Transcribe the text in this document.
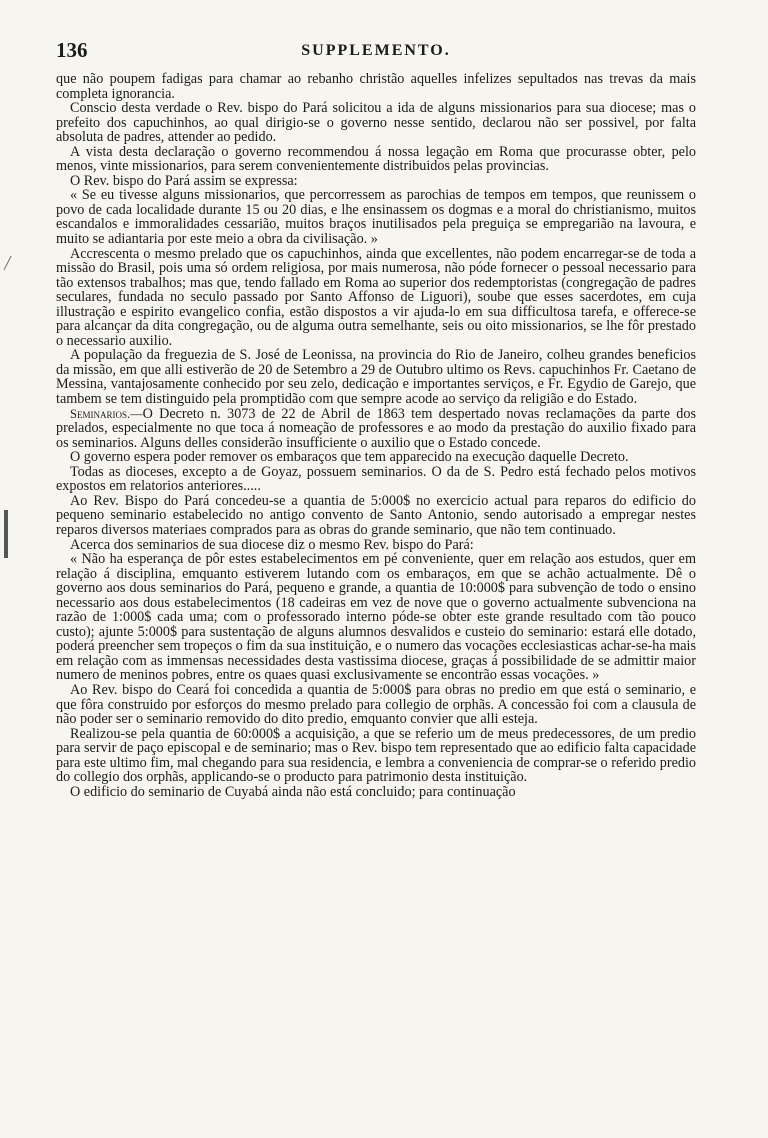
136	SUPPLEMENTO.

que não poupem fadigas para chamar ao rebanho christão aquelles infelizes sepultados nas trevas da mais completa ignorancia.

Consciо desta verdade o Rev. bispo do Pará solicitou a ida de alguns missionarios para sua diocese; mas o prefeito dos capuchinhos, ao qual dirigio-se o governo nesse sentido, declarou não ser possivel, por falta absoluta de padres, attender ao pedido.

A vista desta declaração o governo recommendou á nossa legação em Roma que procurasse obter, pelo menos, vinte missionarios, para serem convenientemente distribuidos pelas provincias.

O Rev. bispo do Pará assim se expressa:

« Se eu tivesse alguns missionarios, que percorressem as parochias de tempos em tempos, que reunissem o povo de cada localidade durante 15 ou 20 dias, e lhe ensinassem os dogmas e a moral do christianismo, muitos escandalos e immoralidades cessarião, muitos braços inutilisados pela preguiça se empregarião na lavoura, e muito se adiantaria por este meio a obra da civilisação. »

Accrescenta o mesmo prelado que os capuchinhos, ainda que excellentes, não podem encarregar-se de toda a missão do Brasil, pois uma só ordem religiosa, por mais numerosa, não póde fornecer o pessoal necessario para tão extensos trabalhos; mas que, tendo fallado em Roma ao superior dos redemptoristas (congregação de padres seculares, fundada no seculo passado por Santo Affonso de Liguori), soube que esses sacerdotes, em cuja illustração e espirito evangelico confia, estão dispostos a vir ajuda-lo em sua difficultosa tarefa, e offerece-se para alcançar da dita congregação, ou de alguma outra semelhante, seis ou oito missionarios, se lhe fôr prestado o necessario auxilio.

A população da freguezia de S. José de Leonissa, na provincia do Rio de Janeiro, colheu grandes beneficios da missão, em que alli estiverão de 20 de Setembro a 29 de Outubro ultimo os Revs. capuchinhos Fr. Caetano de Messina, vantajosamente conhecido por seu zelo, dedicação e importantes serviços, e Fr. Egydio de Garejo, que tambem se tem distinguido pela promptidão com que sempre acode ao serviço da religião e do Estado.

Seminarios.—O Decreto n. 3073 de 22 de Abril de 1863 tem despertado novas reclamações da parte dos prelados, especialmente no que toca á nomeação de professores e ao modo da prestação do auxilio fixado para os seminarios. Alguns delles considerão insufficiente o auxilio que o Estado concede.

O governo espera poder remover os embaraços que tem apparecido na execução daquelle Decreto.

Todas as dioceses, excepto a de Goyaz, possuem seminarios. O da de S. Pedro está fechado pelos motivos expostos em relatorios anteriores.....

Ao Rev. Bispo do Pará concedeu-se a quantia de 5:000$ no exercicio actual para reparos do edificio do pequeno seminario estabelecido no antigo convento de Santo Antonio, sendo autorisado a empregar nestes reparos diversos materiaes comprados para as obras do grande seminario, que não tem continuado.

Acerca dos seminarios de sua diocese diz o mesmo Rev. bispo do Pará:

« Não ha esperança de pôr estes estabelecimentos em pé conveniente, quer em relação aos estudos, quer em relação á disciplina, emquanto estiverem lutando com os embaraços, em que se achão actualmente. Dê o governo aos dous seminarios do Pará, pequeno e grande, a quantia de 10:000$ para subvenção de todo o ensino necessario aos dous estabelecimentos (18 cadeiras em vez de nove que o governo actualmente subvenciona na razão de 1:000$ cada uma; com o professorado interno póde-se obter este grande resultado com tão pouco custo); ajunte 5:000$ para sustentação de alguns alumnos desvalidos e custeio do seminario: estará elle dotado, poderá preencher sem tropeços o fim da sua instituição, e o numero das vocações ecclesiasticas achar-se-ha mais em relação com as immensas necessidades desta vastissima diocese, graças á possibilidade de se admittir maior numero de meninos pobres, entre os quaes quasi exclusivamente se encontrão essas vocações. »

Ao Rev. bispo do Ceará foi concedida a quantia de 5:000$ para obras no predio em que está o seminario, e que fôra construido por esforços do mesmo prelado para collegio de orphãs. A concessão foi com a clausula de não poder ser o seminario removido do dito predio, emquanto convier que alli esteja.

Realizou-se pela quantia de 60:000$ a acquisição, a que se referio um de meus predecessores, de um predio para servir de paço episcopal e de seminario; mas o Rev. bispo tem representado que ao edificio falta capacidade para este ultimo fim, mal chegando para sua residencia, e lembra a conveniencia de comprar-se o referido predio do collegio dos orphãs, applicando-se o producto para patrimonio desta instituição.

O edificio do seminario de Cuyabá ainda não está concluido; para continuação

╱
